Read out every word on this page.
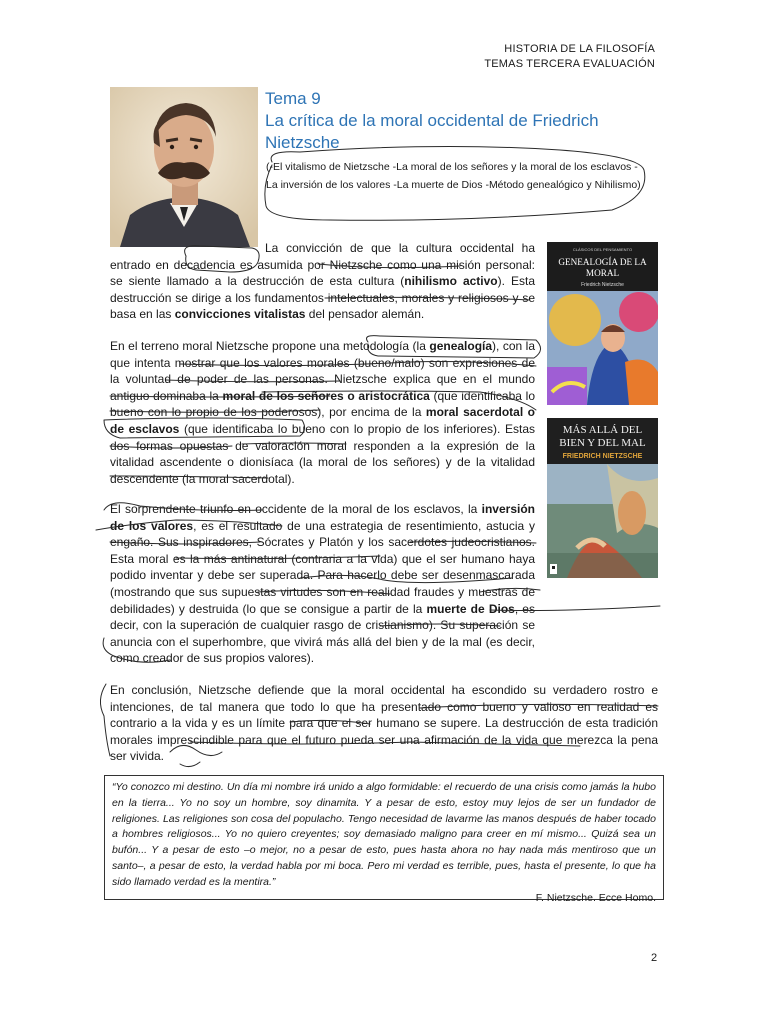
HISTORIA DE LA FILOSOFÍA
TEMAS TERCERA EVALUACIÓN
Tema 9
La crítica de la moral occidental de Friedrich
Nietzsche
(-El vitalismo de Nietzsche -La moral de los señores y la moral de los esclavos -La inversión de los valores -La muerte de Dios -Método genealógico y Nihilismo)
La convicción de que la cultura occidental ha entrado en decadencia es asumida por Nietzsche como una misión personal: se siente llamado a la destrucción de esta cultura (nihilismo activo). Esta destrucción se dirige a los fundamentos intelectuales, morales y religiosos y se basa en las convicciones vitalistas del pensador alemán.
En el terreno moral Nietzsche propone una metodología (la genealogía), con la que intenta mostrar que los valores morales (bueno/malo) son expresiones de la voluntad de poder de las personas. Nietzsche explica que en el mundo antiguo dominaba la moral de los señores o aristocrática (que identificaba lo bueno con lo propio de los poderosos), por encima de la moral sacerdotal o de esclavos (que identificaba lo bueno con lo propio de los inferiores). Estas dos formas opuestas de valoración moral responden a la expresión de la vitalidad ascendente o dionisíaca (la moral de los señores) y de la vitalidad descendente (la moral sacerdotal).
El sorprendente triunfo en occidente de la moral de los esclavos, la inversión de los valores, es el resultado de una estrategia de resentimiento, astucia y engaño. Sus inspiradores, Sócrates y Platón y los sacerdotes judeocristianos. Esta moral es la más antinatural (contraria a la vida) que el ser humano haya podido inventar y debe ser superada. Para hacerlo debe ser desenmascarada (mostrando que sus supuestas virtudes son en realidad fraudes y muestras de debilidades) y destruida (lo que se consigue a partir de la muerte de Dios, es decir, con la superación de cualquier rasgo de cristianismo). Su superación se anuncia con el superhombre, que vivirá más allá del bien y de la mal (es decir, como creador de sus propios valores).
En conclusión, Nietzsche defiende que la moral occidental ha escondido su verdadero rostro e intenciones, de tal manera que todo lo que ha presentado como bueno y valioso en realidad es contrario a la vida y es un límite para que el ser humano se supere. La destrucción de esta tradición morales imprescindible para que el futuro pueda ser una afirmación de la vida que merezca la pena ser vivida.
CLÁSICOS DEL PENSAMIENTO
GENEALOGÍA DE LA
MORAL
Friedrich Nietzsche
MÁS ALLÁ DEL
BIEN Y DEL MAL
FRIEDRICH NIETZSCHE

“Yo conozco mi destino. Un día mi nombre irá unido a algo formidable: el recuerdo de una crisis como jamás la hubo en la tierra... Yo no soy un hombre, soy dinamita. Y a pesar de esto, estoy muy lejos de ser un fundador de religiones. Las religiones son cosa del populacho. Tengo necesidad de lavarme las manos después de haber tocado a hombres religiosos... Yo no quiero creyentes; soy demasiado maligno para creer en mí mismo... Quizá sea un bufón... Y a pesar de esto –o mejor, no a pesar de esto, pues hasta ahora no hay nada más mentiroso que un santo–, a pesar de esto, la verdad habla por mi boca. Pero mi verdad es terrible, pues, hasta el presente, lo que ha sido llamado verdad es la mentira.”

F. Nietzsche. Ecce Homo.
2
